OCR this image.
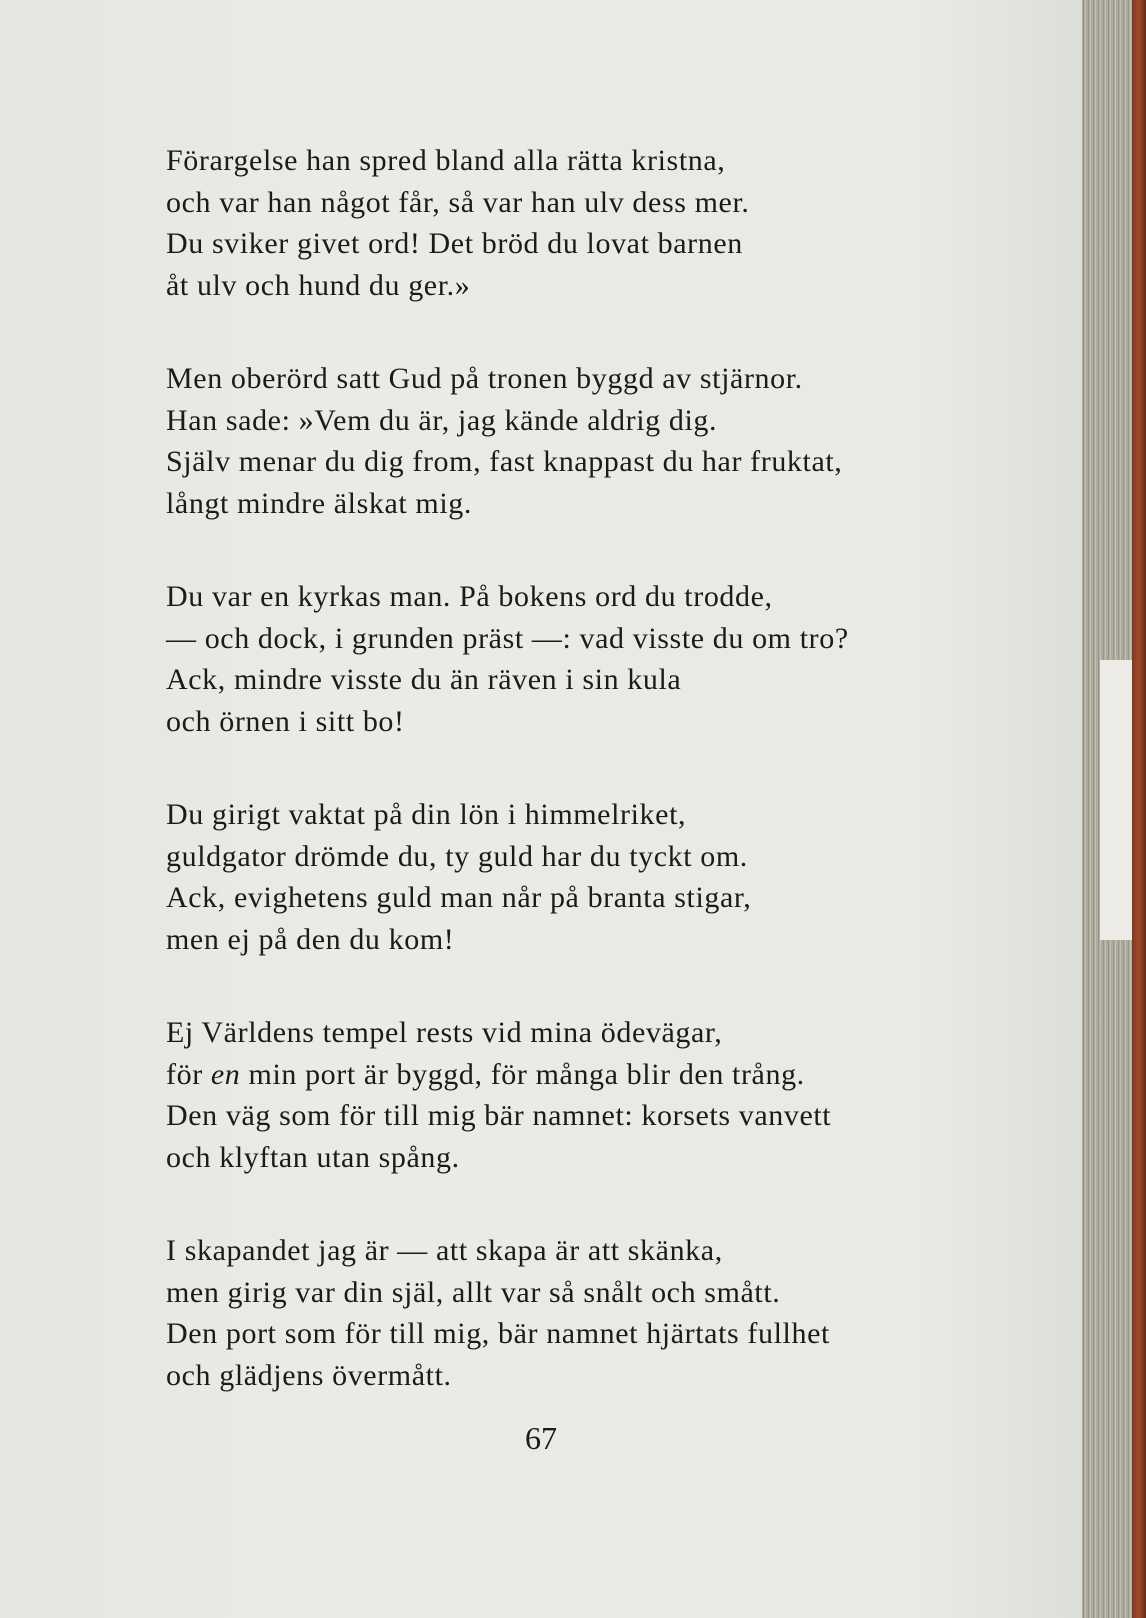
Förargelse han spred bland alla rätta kristna,
och var han något får, så var han ulv dess mer.
Du sviker givet ord! Det bröd du lovat barnen
åt ulv och hund du ger.»
Men oberörd satt Gud på tronen byggd av stjärnor.
Han sade: »Vem du är, jag kände aldrig dig.
Själv menar du dig from, fast knappast du har fruktat,
långt mindre älskat mig.
Du var en kyrkas man. På bokens ord du trodde,
— och dock, i grunden präst —: vad visste du om tro?
Ack, mindre visste du än räven i sin kula
och örnen i sitt bo!
Du girigt vaktat på din lön i himmelriket,
guldgator drömde du, ty guld har du tyckt om.
Ack, evighetens guld man når på branta stigar,
men ej på den du kom!
Ej Världens tempel rests vid mina ödevägar,
för en min port är byggd, för många blir den trång.
Den väg som för till mig bär namnet: korsets vanvett
och klyftan utan spång.
I skapandet jag är — att skapa är att skänka,
men girig var din själ, allt var så snålt och smått.
Den port som för till mig, bär namnet hjärtats fullhet
och glädjens övermått.
67
